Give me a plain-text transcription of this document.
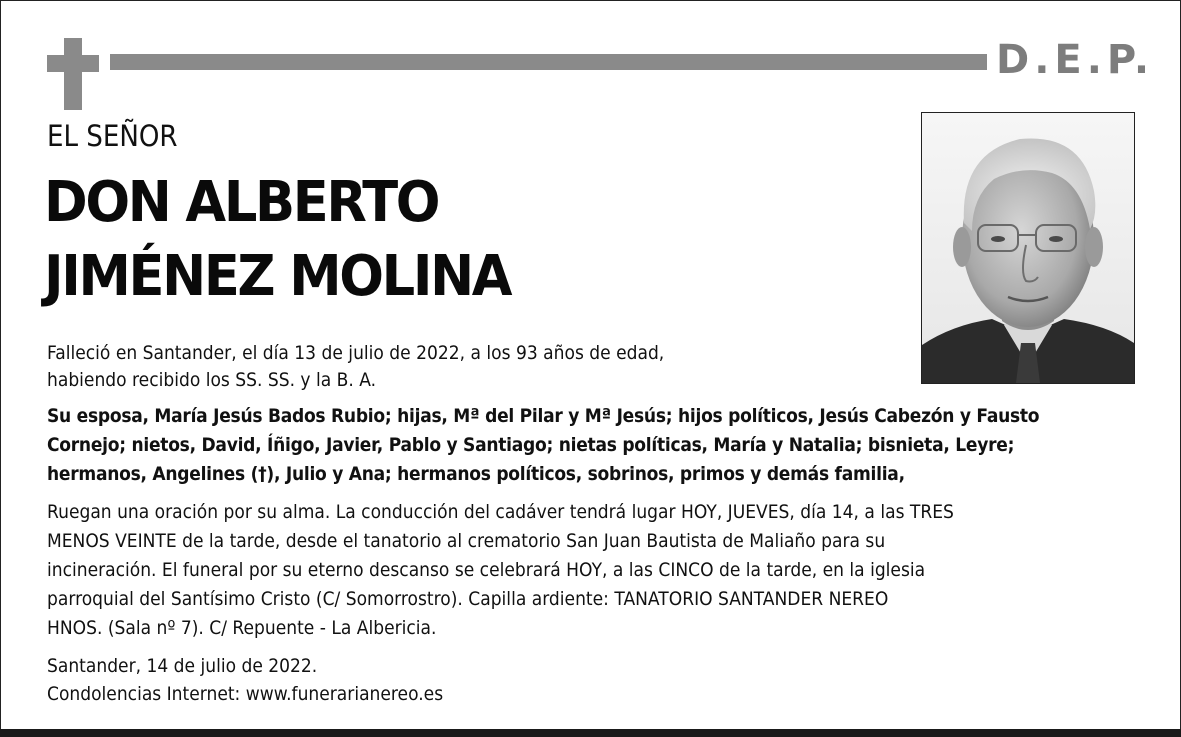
D.E.P.
EL SEÑOR
DON ALBERTO
JIMÉNEZ MOLINA
Falleció en Santander, el día 13 de julio de 2022, a los 93 años de edad,
habiendo recibido los SS. SS. y la B. A.
Su esposa, María Jesús Bados Rubio; hijas, Mª del Pilar y Mª Jesús; hijos políticos, Jesús Cabezón y Fausto
Cornejo; nietos, David, Íñigo, Javier, Pablo y Santiago; nietas políticas, María y Natalia; bisnieta, Leyre;
hermanos, Angelines (†), Julio y Ana; hermanos políticos, sobrinos, primos y demás familia,
Ruegan una oración por su alma. La conducción del cadáver tendrá lugar HOY, JUEVES, día 14, a las TRES
MENOS VEINTE de la tarde, desde el tanatorio al crematorio San Juan Bautista de Maliaño para su
incineración. El funeral por su eterno descanso se celebrará HOY, a las CINCO de la tarde, en la iglesia
parroquial del Santísimo Cristo (C/ Somorrostro). Capilla ardiente: TANATORIO SANTANDER NEREO
HNOS. (Sala nº 7). C/ Repuente - La Albericia.
Santander, 14 de julio de 2022.
Condolencias Internet: www.funerarianereo.es
